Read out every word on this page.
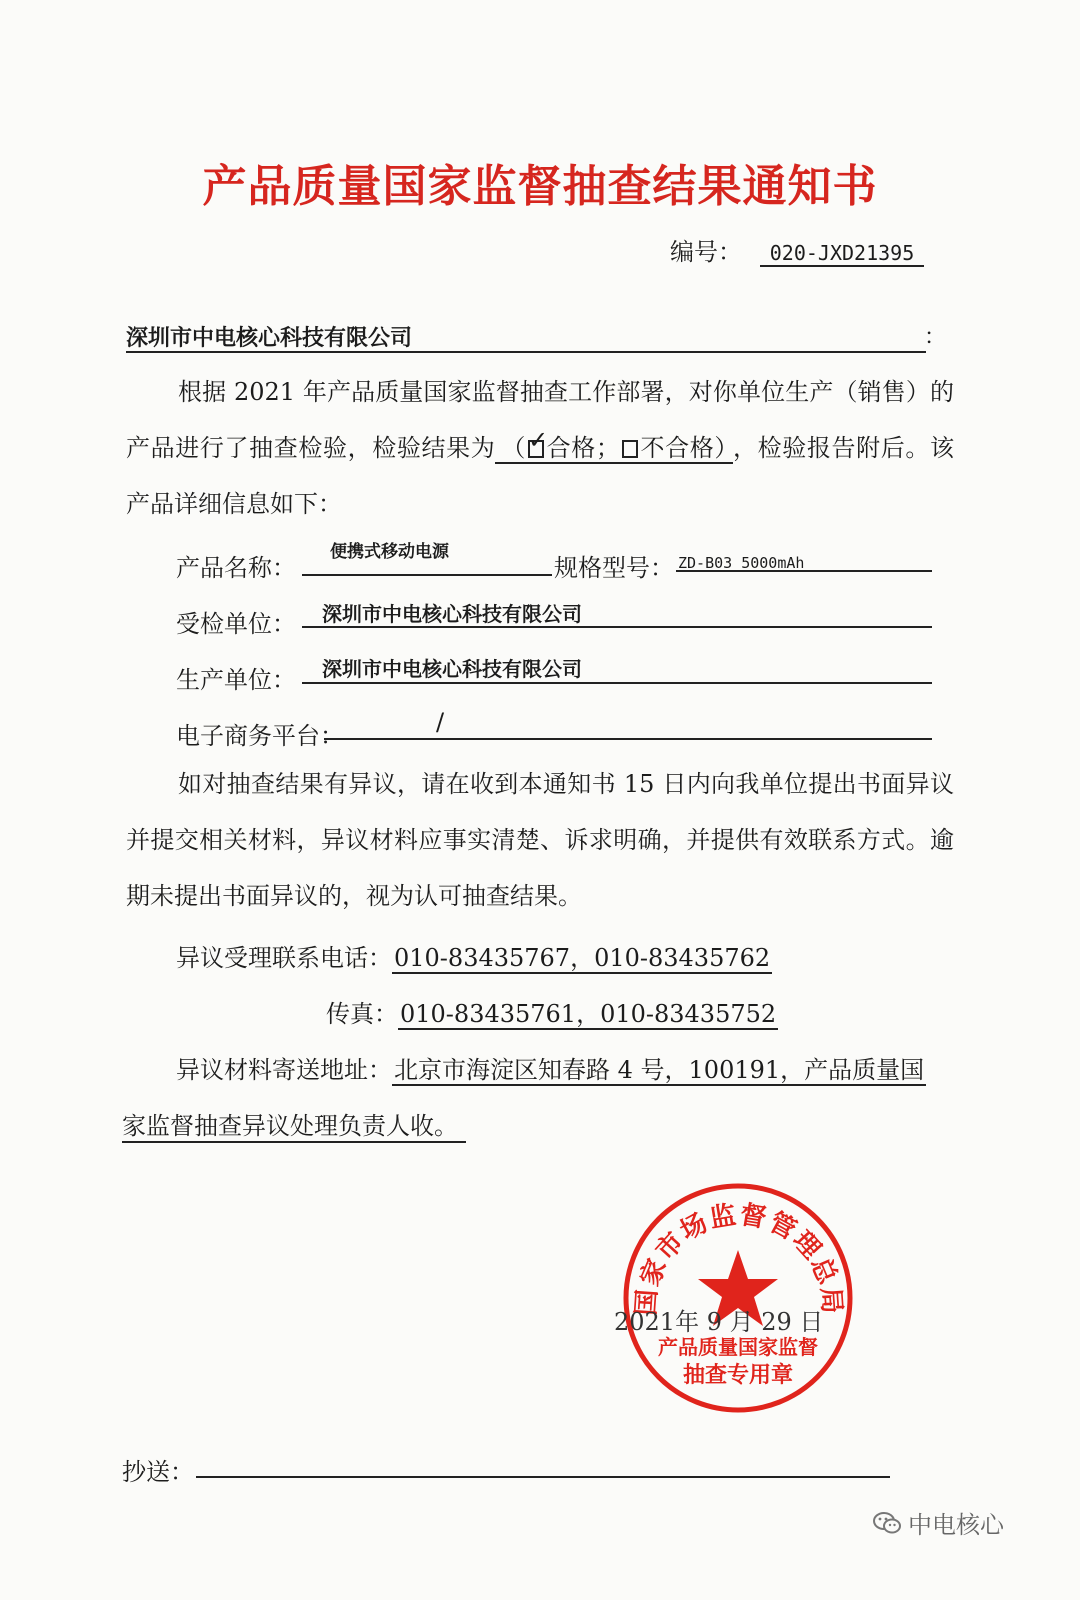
产品质量国家监督抽查结果通知书
编号： 020-JXD21395
深圳市中电核心科技有限公司	：

根据 2021 年产品质量国家监督抽查工作部署，对你单位生产（销售）的产品进行了抽查检验，检验结果为 （ ✓
合格； 不合格） ，检验报告附后。该产品详细信息如下：

产品名称：
便携式移动电源
规格型号： ZD-B03 5000mAh
受检单位： 深圳市中电核心科技有限公司
生产单位： 深圳市中电核心科技有限公司
电子商务平台：	/

如对抽查结果有异议，请在收到本通知书 15 日内向我单位提出书面异议并提交相关材料，异议材料应事实清楚、诉求明确，并提供有效联系方式。逾期未提出书面异议的，视为认可抽查结果。

异议受理联系电话：010-83435767，010-83435762
传真：010-83435761，010-83435752
异议材料寄送地址：北京市海淀区知春路 4 号，100191，产品质量国
家监督抽查异议处理负责人收。
国家市场监督管理总局
产品质量国家监督
抽查专用章
2021年 9 月 29 日
抄送：
中电核心
